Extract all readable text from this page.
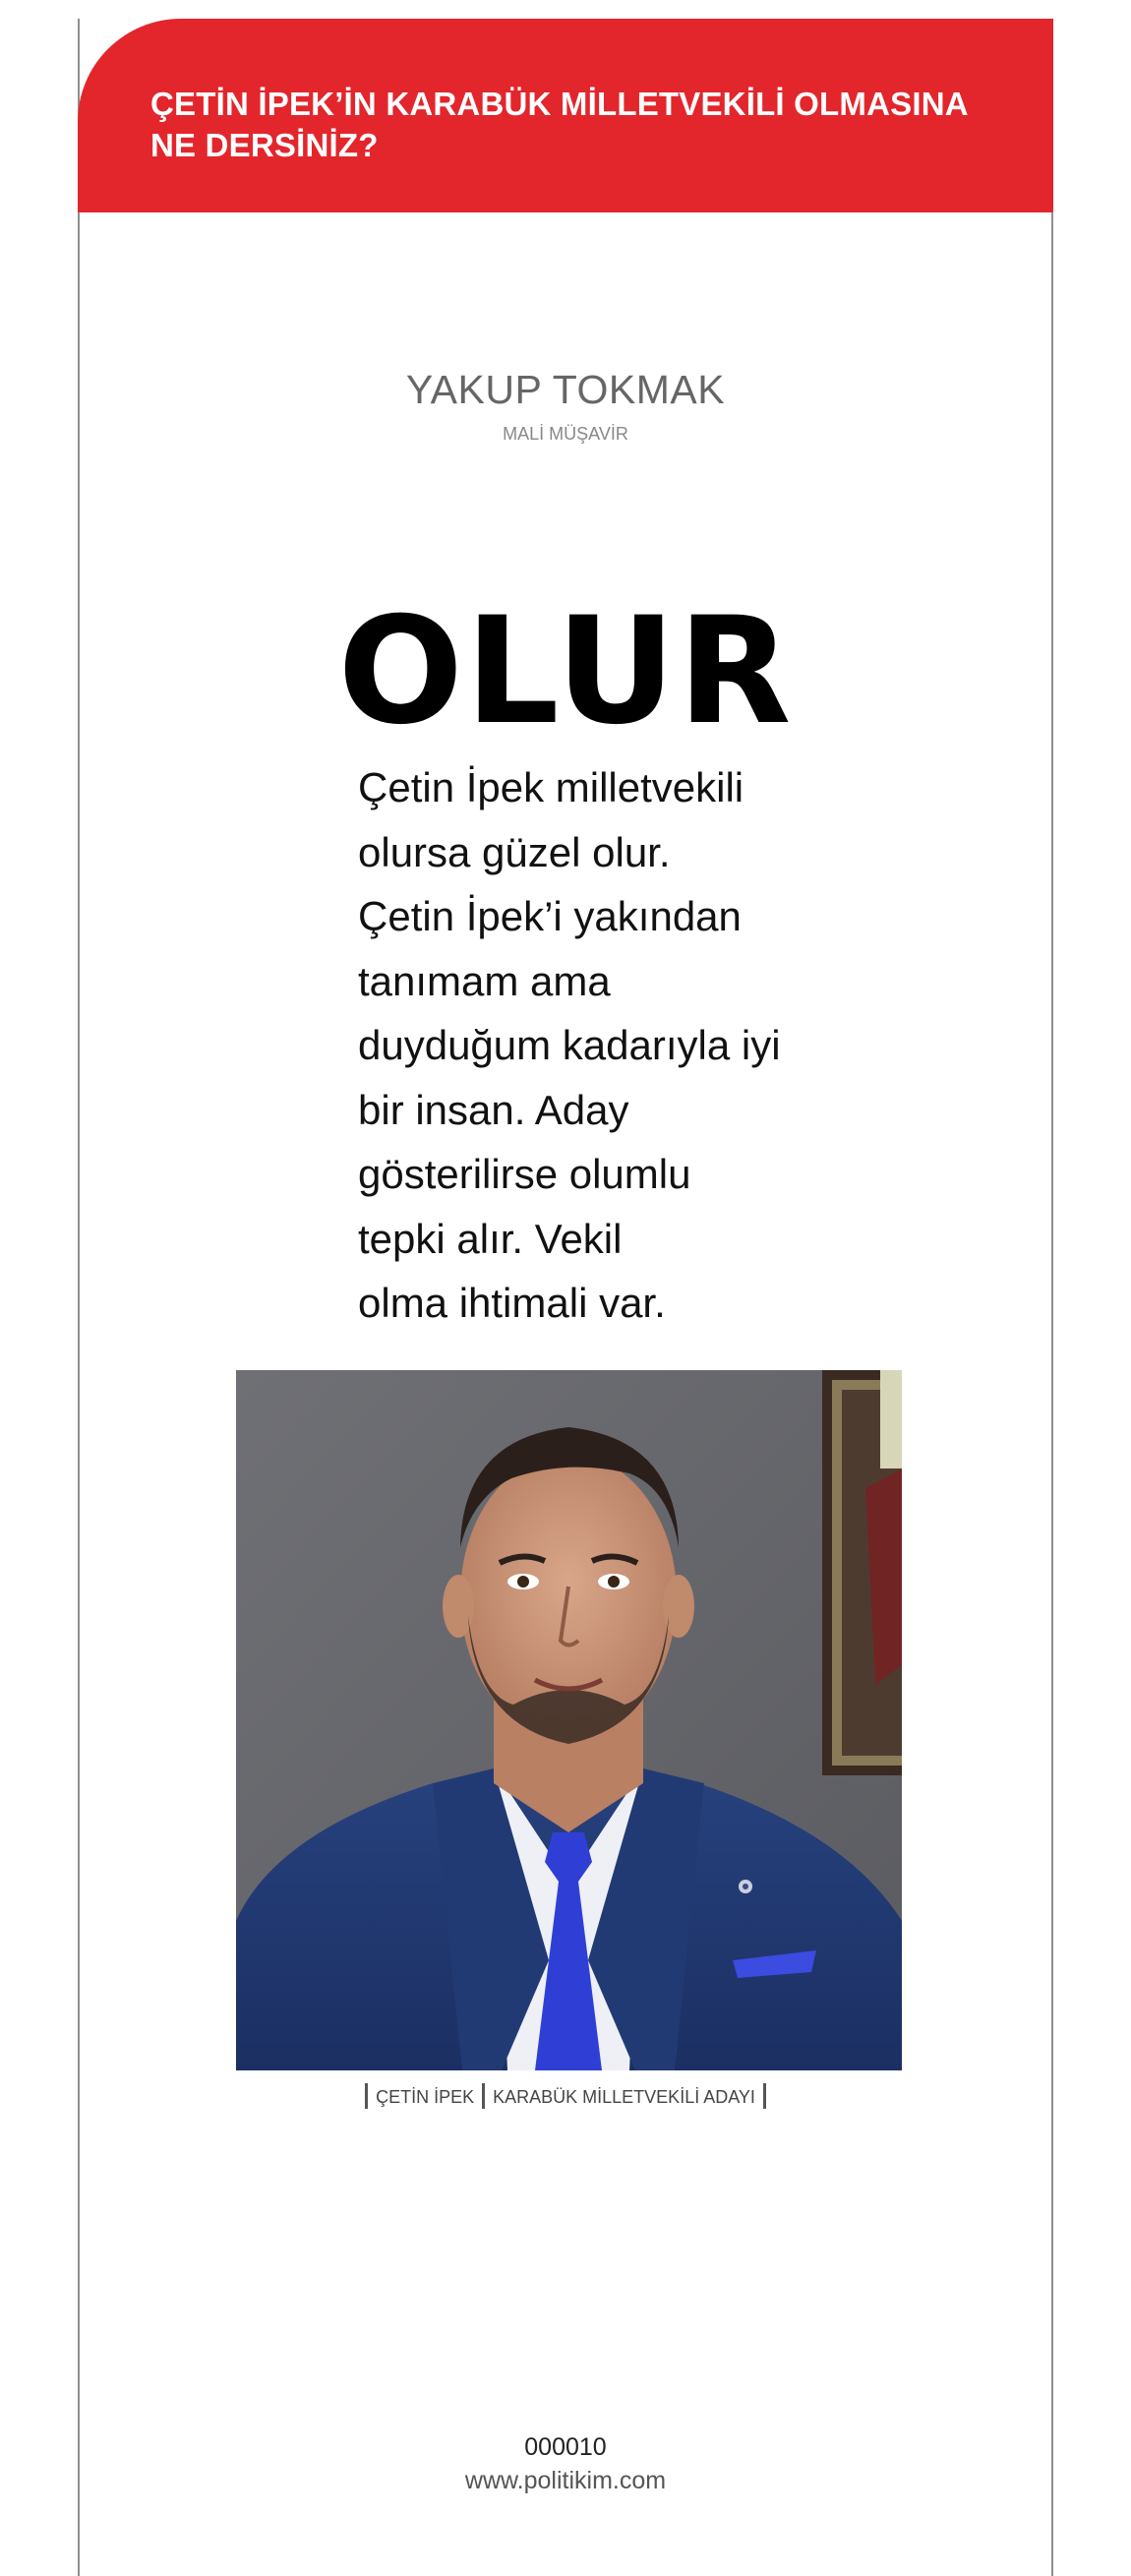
ÇETİN İPEK’İN KARABÜK MİLLETVEKİLİ OLMASINA
NE DERSİNİZ?

YAKUP TOKMAK
MALİ MÜŞAVİR
OLUR
Çetin İpek milletvekili
olursa güzel olur.
Çetin İpek’i yakından
tanımam ama
duyduğum kadarıyla iyi
bir insan. Aday
gösterilirse olumlu
tepki alır. Vekil
olma ihtimali var.
ÇETİN İPEK KARABÜK MİLLETVEKİLİ ADAYI
000010
www.politikim.com
